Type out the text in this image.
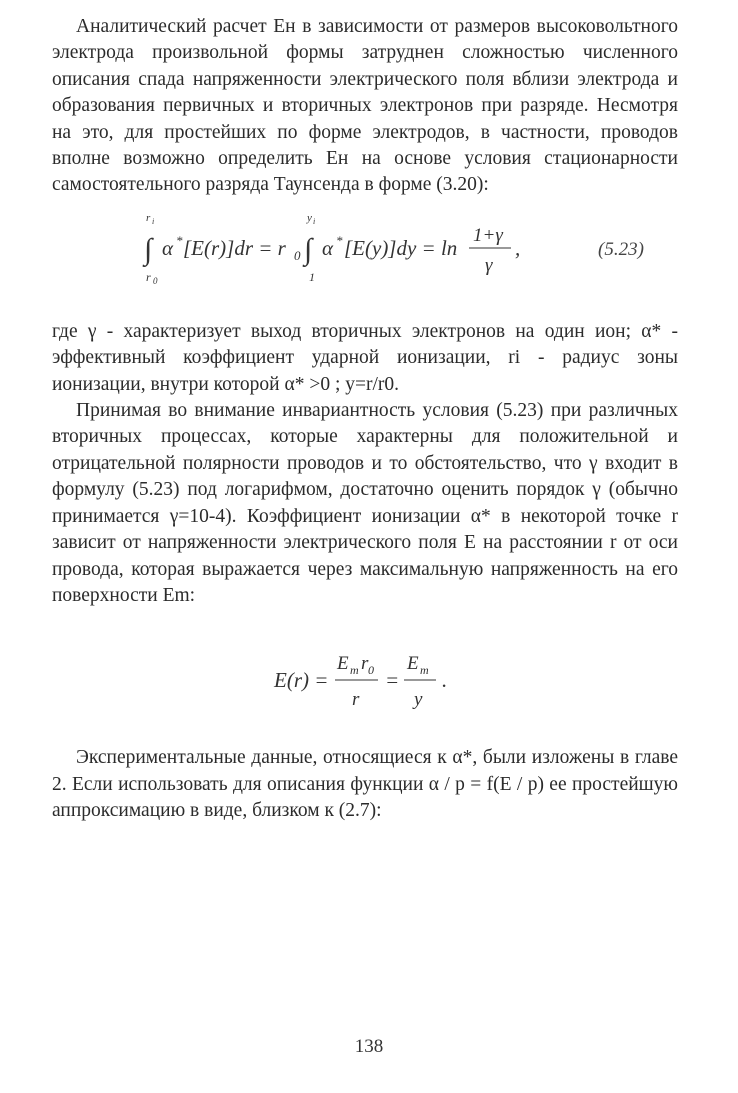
Аналитический расчет Eн в зависимости от размеров высоковольтного электрода произвольной формы затруднен сложностью численного описания спада напряженности электрического поля вблизи электрода и образования первичных и вторичных электронов при разряде. Несмотря на это, для простейших по форме электродов, в частности, проводов вполне возможно определить Eн на основе условия стационарности самостоятельного разряда Таунсенда в форме (3.20):

∫
r i
r 0
α * [E(r)]dr = r 0 ∫
y i
1
α * [E(y)]dy = ln
1+γ
γ
,	(5.23)

где γ - характеризует выход вторичных электронов на один ион; α* - эффективный коэффициент ударной ионизации, ri - радиус зоны ионизации, внутри которой α* >0 ; y=r/r0.

Принимая во внимание инвариантность условия (5.23) при различных вторичных процессах, которые характерны для положительной и отрицательной полярности проводов и то обстоятельство, что γ входит в формулу (5.23) под логарифмом, достаточно оценить порядок γ (обычно принимается γ=10-4). Коэффициент ионизации α* в некоторой точке r зависит от напряженности электрического поля E на расстоянии r от оси провода, которая выражается через максимальную напряженность на его поверхности Em:

E(r) =
E m r 0
r
=
E m
y
.

Экспериментальные данные, относящиеся к α*, были изложены в главе 2. Если использовать для описания функции α / p = f(E / p) ее простейшую аппроксимацию в виде, близком к (2.7):

138
